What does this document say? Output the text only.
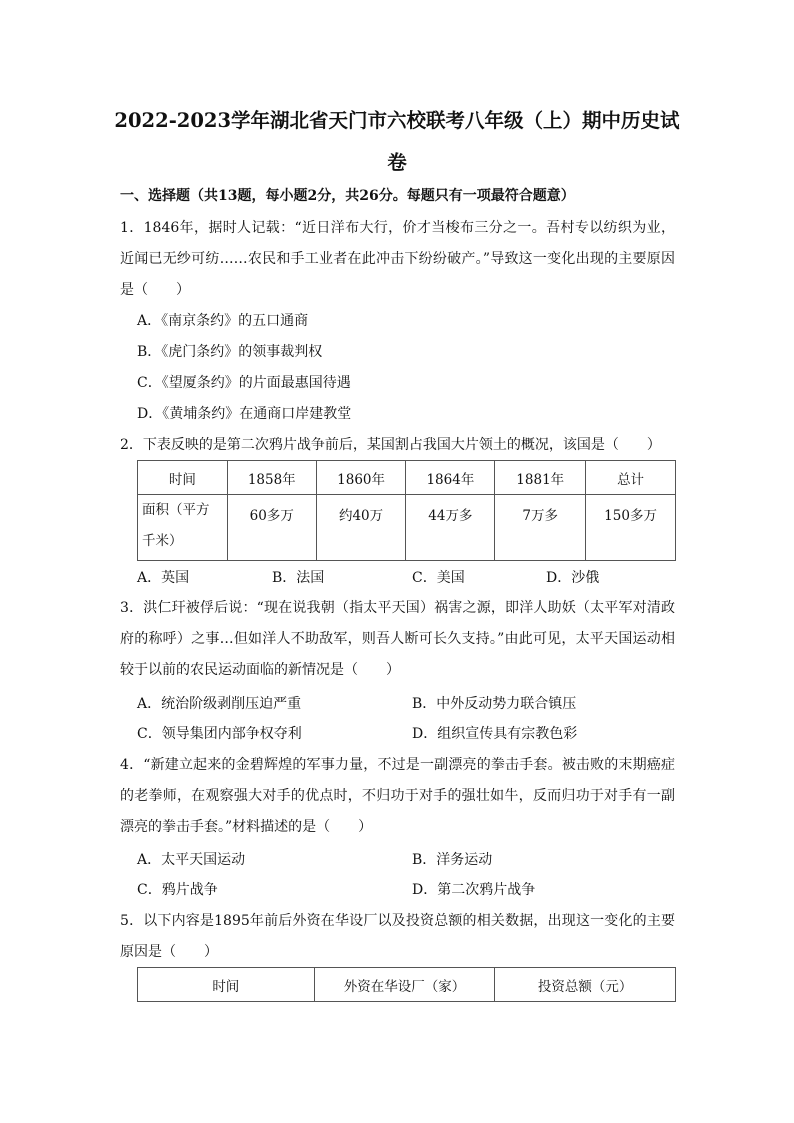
2022-2023学年湖北省天门市六校联考八年级（上）期中历史试卷
一、选择题（共13题，每小题2分，共26分。每题只有一项最符合题意）
1．1846年，据时人记载：“近日洋布大行，价才当梭布三分之一。吾村专以纺织为业，近闻已无纱可纺……农民和手工业者在此冲击下纷纷破产。”导致这一变化出现的主要原因是（　　）
A．《南京条约》的五口通商
B．《虎门条约》的领事裁判权
C．《望厦条约》的片面最惠国待遇
D．《黄埔条约》在通商口岸建教堂
2．下表反映的是第二次鸦片战争前后，某国割占我国大片领土的概况，该国是（　　）
时间	1858年	1860年	1864年	1881年	总计
面积（平方千米）	60多万	约40万	44万多	7万多	150多万
A．英国	B．法国	C．美国	D．沙俄
3．洪仁玕被俘后说：“现在说我朝（指太平天国）祸害之源，即洋人助妖（太平军对清政府的称呼）之事…但如洋人不助敌军，则吾人断可长久支持。”由此可见，太平天国运动相较于以前的农民运动面临的新情况是（　　）
A．统治阶级剥削压迫严重	B．中外反动势力联合镇压
C．领导集团内部争权夺利	D．组织宣传具有宗教色彩
4．“新建立起来的金碧辉煌的军事力量，不过是一副漂亮的拳击手套。被击败的末期癌症的老拳师，在观察强大对手的优点时，不归功于对手的强壮如牛，反而归功于对手有一副漂亮的拳击手套。”材料描述的是（　　）
A．太平天国运动	B．洋务运动
C．鸦片战争	D．第二次鸦片战争
5．以下内容是1895年前后外资在华设厂以及投资总额的相关数据，出现这一变化的主要原因是（　　）
时间	外资在华设厂（家）	投资总额（元）
